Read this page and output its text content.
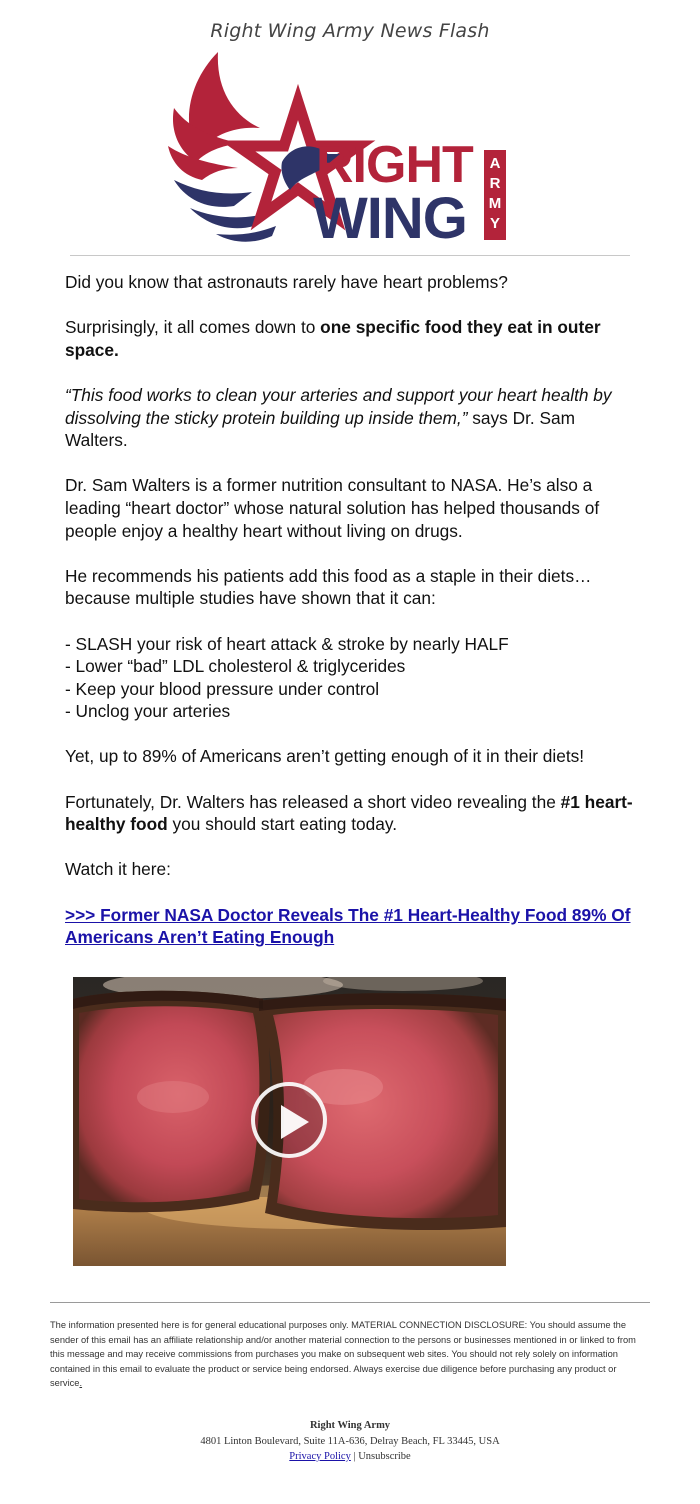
Right Wing Army News Flash
RIGHT
WING
A
R
M
Y

Did you know that astronauts rarely have heart problems?

Surprisingly, it all comes down to one specific food they eat in outer space.

“This food works to clean your arteries and support your heart health by dissolving the sticky protein building up inside them,” says Dr. Sam Walters.

Dr. Sam Walters is a former nutrition consultant to NASA. He’s also a leading “heart doctor” whose natural solution has helped thousands of people enjoy a healthy heart without living on drugs.

He recommends his patients add this food as a staple in their diets… because multiple studies have shown that it can:

- SLASH your risk of heart attack & stroke by nearly HALF
- Lower “bad” LDL cholesterol & triglycerides
- Keep your blood pressure under control
- Unclog your arteries

Yet, up to 89% of Americans aren’t getting enough of it in their diets!

Fortunately, Dr. Walters has released a short video revealing the #1 heart-healthy food you should start eating today.

Watch it here:

>>> Former NASA Doctor Reveals The #1 Heart-Healthy Food 89% Of Americans Aren’t Eating Enough

The information presented here is for general educational purposes only. MATERIAL CONNECTION DISCLOSURE: You should assume the sender of this email has an affiliate relationship and/or another material connection to the persons or businesses mentioned in or linked to from this message and may receive commissions from purchases you make on subsequent web sites. You should not rely solely on information contained in this email to evaluate the product or service being endorsed. Always exercise due diligence before purchasing any product or service.
Right Wing Army
4801 Linton Boulevard, Suite 11A-636, Delray Beach, FL 33445, USA
Privacy Policy | Unsubscribe
